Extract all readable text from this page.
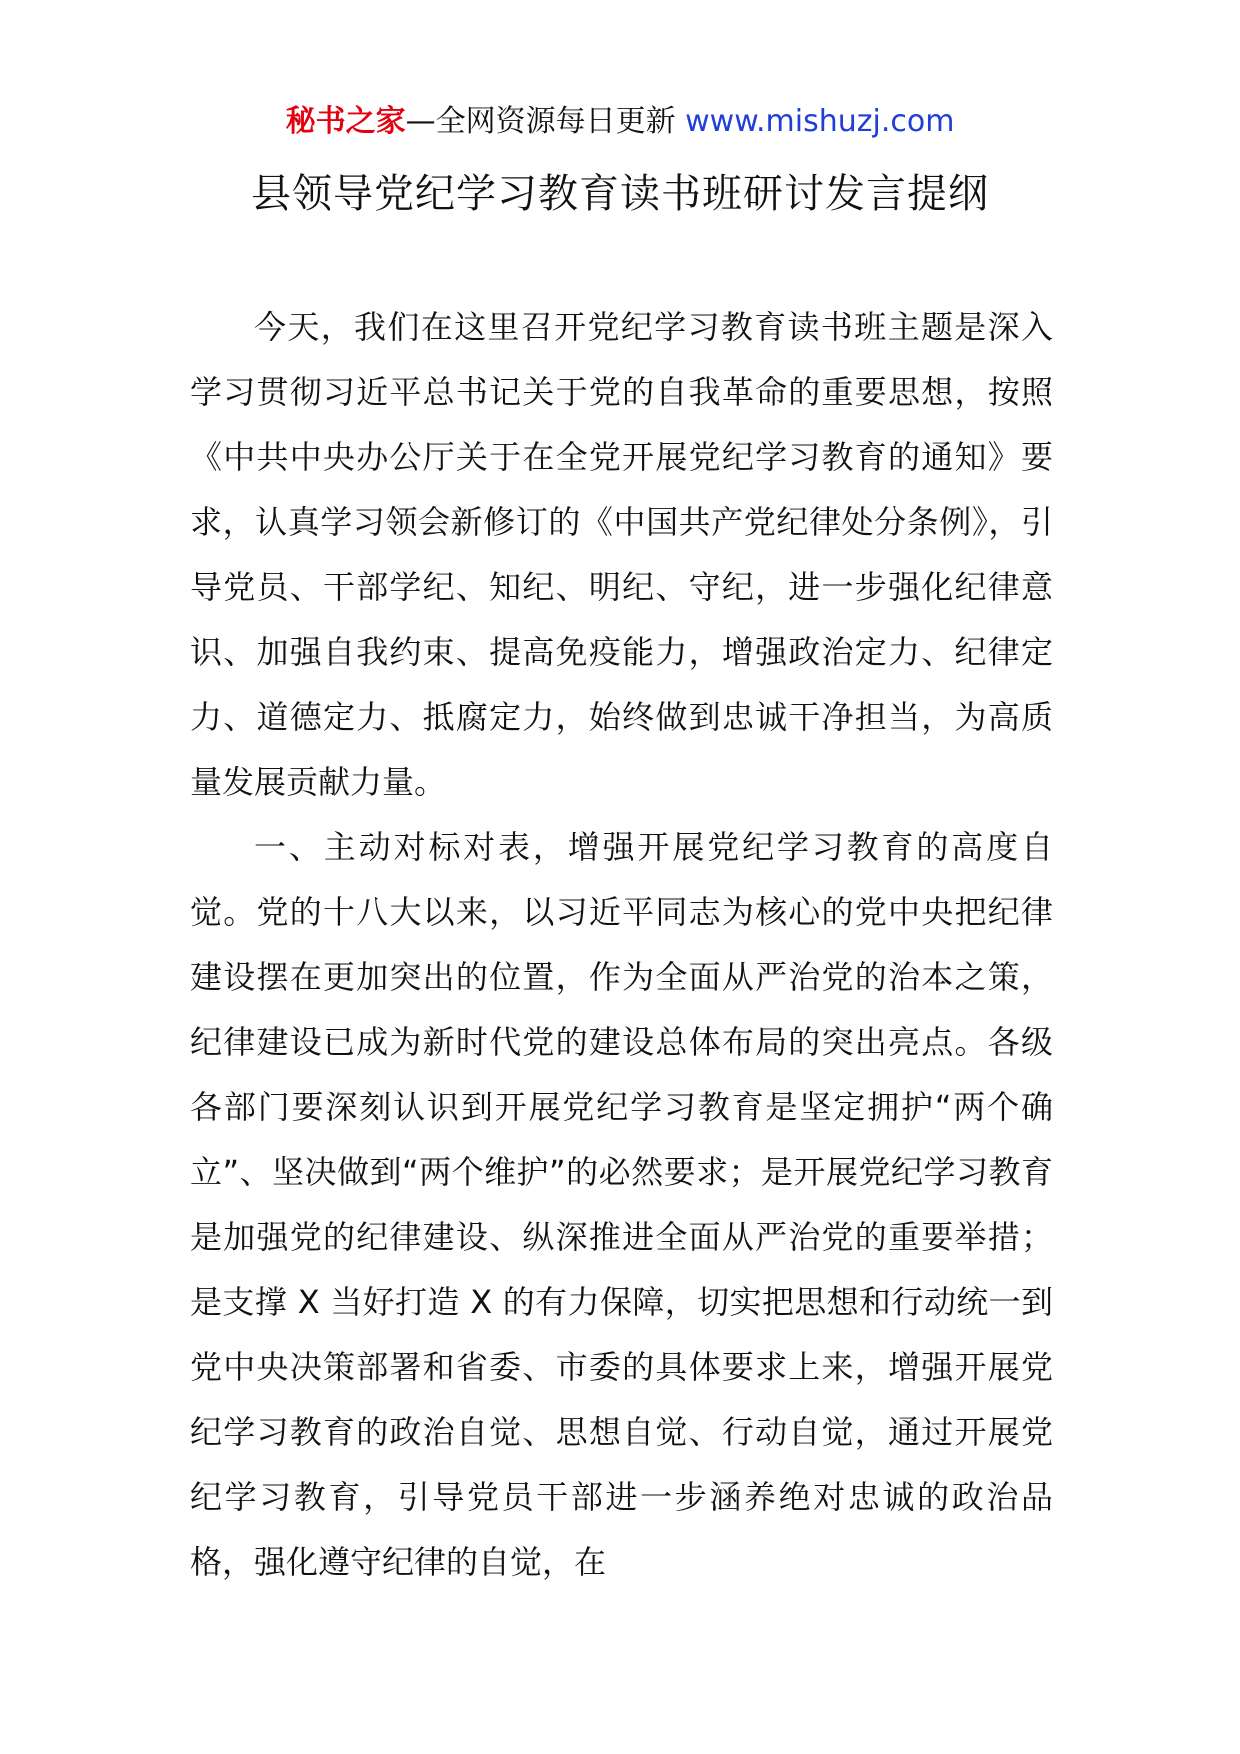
秘书之家—全网资源每日更新 www.mishuzj.com
县领导党纪学习教育读书班研讨发言提纲

今天，我们在这里召开党纪学习教育读书班主题是深入学习贯彻习近平总书记关于党的自我革命的重要思想，按照《中共中央办公厅关于在全党开展党纪学习教育的通知》要求，认真学习领会新修订的《中国共产党纪律处分条例》，引导党员、干部学纪、知纪、明纪、守纪，进一步强化纪律意识、加强自我约束、提高免疫能力，增强政治定力、纪律定力、道德定力、抵腐定力，始终做到忠诚干净担当，为高质量发展贡献力量。

一、主动对标对表，增强开展党纪学习教育的高度自觉。党的十八大以来，以习近平同志为核心的党中央把纪律建设摆在更加突出的位置，作为全面从严治党的治本之策，纪律建设已成为新时代党的建设总体布局的突出亮点。各级各部门要深刻认识到开展党纪学习教育是坚定拥护“两个确立”、坚决做到“两个维护”的必然要求；是开展党纪学习教育是加强党的纪律建设、纵深推进全面从严治党的重要举措；是支撑 X 当好打造 X 的有力保障，切实把思想和行动统一到党中央决策部署和省委、市委的具体要求上来，增强开展党纪学习教育的政治自觉、思想自觉、行动自觉，通过开展党纪学习教育，引导党员干部进一步涵养绝对忠诚的政治品格，强化遵守纪律的自觉，在
